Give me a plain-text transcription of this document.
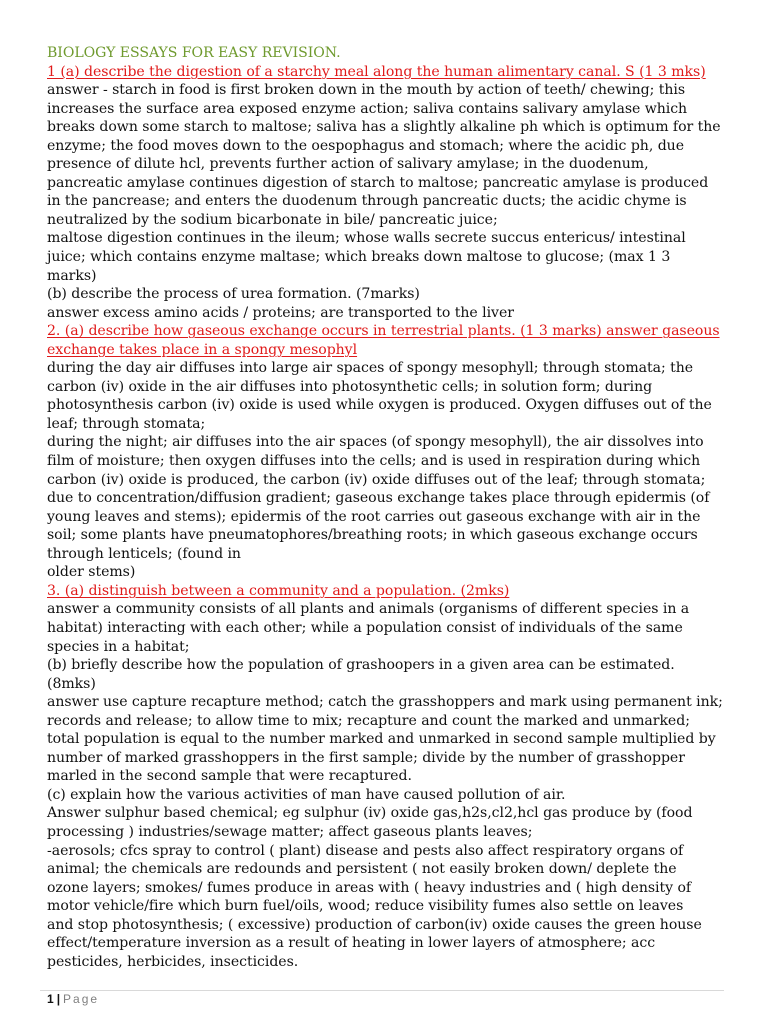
BIOLOGY ESSAYS FOR EASY REVISION.
1 (a) describe the digestion of a starchy meal along the human alimentary canal. S (1 3 mks)
answer - starch in food is first broken down in the mouth by action of teeth/ chewing; this
increases the surface area exposed enzyme action; saliva contains salivary amylase which
breaks down some starch to maltose; saliva has a slightly alkaline ph which is optimum for the
enzyme; the food moves down to the oespophagus and stomach; where the acidic ph, due
presence of dilute hcl, prevents further action of salivary amylase; in the duodenum,
pancreatic amylase continues digestion of starch to maltose; pancreatic amylase is produced
in the pancrease; and enters the duodenum through pancreatic ducts; the acidic chyme is
neutralized by the sodium bicarbonate in bile/ pancreatic juice;
maltose digestion continues in the ileum; whose walls secrete succus entericus/ intestinal
juice; which contains enzyme maltase; which breaks down maltose to glucose; (max 1 3
marks)
(b) describe the process of urea formation. (7marks)
answer excess amino acids / proteins; are transported to the liver
2. (a) describe how gaseous exchange occurs in terrestrial plants. (1 3 marks) answer gaseous
exchange takes place in a spongy mesophyl
during the day air diffuses into large air spaces of spongy mesophyll; through stomata; the
carbon (iv) oxide in the air diffuses into photosynthetic cells; in solution form; during
photosynthesis carbon (iv) oxide is used while oxygen is produced. Oxygen diffuses out of the
leaf; through stomata;
during the night; air diffuses into the air spaces (of spongy mesophyll), the air dissolves into
film of moisture; then oxygen diffuses into the cells; and is used in respiration during which
carbon (iv) oxide is produced, the carbon (iv) oxide diffuses out of the leaf; through stomata;
due to concentration/diffusion gradient; gaseous exchange takes place through epidermis (of
young leaves and stems); epidermis of the root carries out gaseous exchange with air in the
soil; some plants have pneumatophores/breathing roots; in which gaseous exchange occurs
through lenticels; (found in
older stems)
3. (a) distinguish between a community and a population. (2mks)
answer a community consists of all plants and animals (organisms of different species in a
habitat) interacting with each other; while a population consist of individuals of the same
species in a habitat;
(b) briefly describe how the population of grashoopers in a given area can be estimated.
(8mks)
answer use capture recapture method; catch the grasshoppers and mark using permanent ink;
records and release; to allow time to mix; recapture and count the marked and unmarked;
total population is equal to the number marked and unmarked in second sample multiplied by
number of marked grasshoppers in the first sample; divide by the number of grasshopper
marled in the second sample that were recaptured.
(c) explain how the various activities of man have caused pollution of air.
Answer sulphur based chemical; eg sulphur (iv) oxide gas,h2s,cl2,hcl gas produce by (food
processing ) industries/sewage matter; affect gaseous plants leaves;
-aerosols; cfcs spray to control ( plant) disease and pests also affect respiratory organs of
animal; the chemicals are redounds and persistent ( not easily broken down/ deplete the
ozone layers; smokes/ fumes produce in areas with ( heavy industries and ( high density of
motor vehicle/fire which burn fuel/oils, wood; reduce visibility fumes also settle on leaves
and stop photosynthesis; ( excessive) production of carbon(iv) oxide causes the green house
effect/temperature inversion as a result of heating in lower layers of atmosphere; acc
pesticides, herbicides, insecticides.
1 | Page
